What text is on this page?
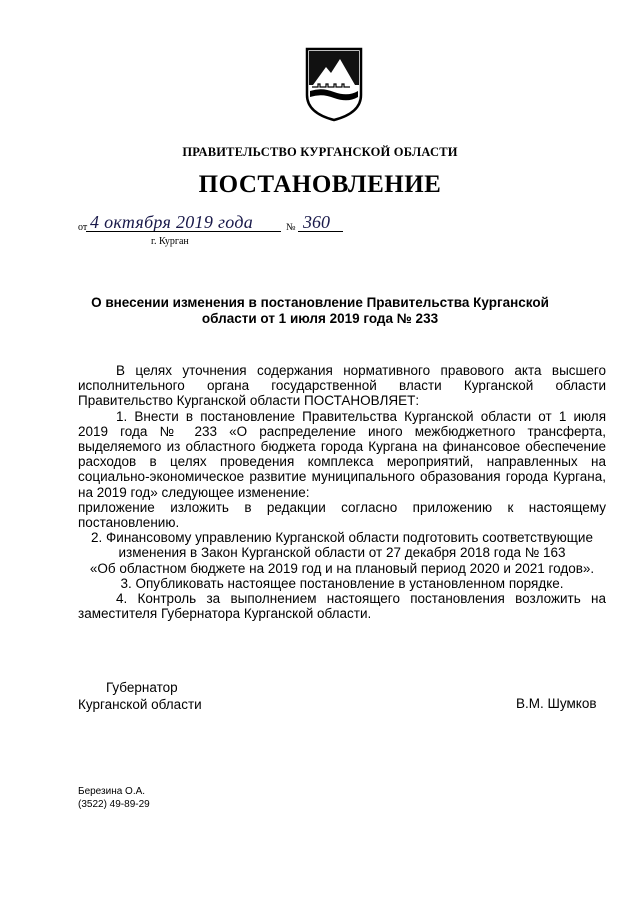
ПРАВИТЕЛЬСТВО КУРГАНСКОЙ ОБЛАСТИ
ПОСТАНОВЛЕНИЕ
от 4 октября 2019 года	№ 360
г. Курган
О внесении изменения в постановление Правительства Курганской
области от 1 июля 2019 года № 233

В целях уточнения содержания нормативного правового акта высшего исполнительного органа государственной власти Курганской области Правительство Курганской области ПОСТАНОВЛЯЕТ:

1. Внести в постановление Правительства Курганской области от 1 июля 2019 года № 233 «О распределение иного межбюджетного трансферта, выделяемого из областного бюджета города Кургана на финансовое обеспечение расходов в целях проведения комплекса мероприятий, направленных на социально-экономическое развитие муниципального образования города Кургана, на 2019 год» следующее изменение:

приложение изложить в редакции согласно приложению к настоящему постановлению.

2. Финансовому управлению Курганской области подготовить соответствующие

изменения в Закон Курганской области от 27 декабря 2018 года № 163

«Об областном бюджете на 2019 год и на плановый период 2020 и 2021 годов».

3. Опубликовать настоящее постановление в установленном порядке.

4. Контроль за выполнением настоящего постановления возложить на заместителя Губернатора Курганской области.

Губернатор
Курганской области	В.М. Шумков
Березина О.А.
(3522) 49-89-29
